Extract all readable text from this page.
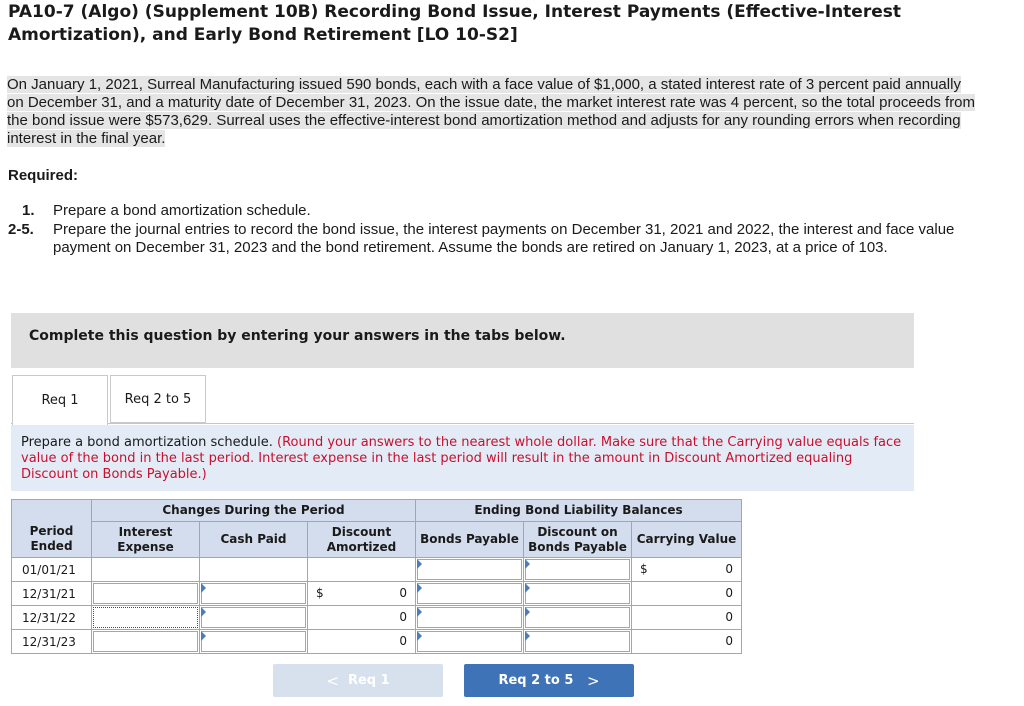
PA10-7 (Algo) (Supplement 10B) Recording Bond Issue, Interest Payments (Effective-Interest Amortization), and Early Bond Retirement [LO 10-S2]
On January 1, 2021, Surreal Manufacturing issued 590 bonds, each with a face value of $1,000, a stated interest rate of 3 percent paid annually on December 31, and a maturity date of December 31, 2023. On the issue date, the market interest rate was 4 percent, so the total proceeds from the bond issue were $573,629. Surreal uses the effective-interest bond amortization method and adjusts for any rounding errors when recording interest in the final year.
Required:
1. Prepare a bond amortization schedule.
2-5. Prepare the journal entries to record the bond issue, the interest payments on December 31, 2021 and 2022, the interest and face value payment on December 31, 2023 and the bond retirement. Assume the bonds are retired on January 1, 2023, at a price of 103.
Complete this question by entering your answers in the tabs below.
Req 1	Req 2 to 5
Prepare a bond amortization schedule. (Round your answers to the nearest whole dollar. Make sure that the Carrying value equals face value of the bond in the last period. Interest expense in the last period will result in the amount in Discount Amortized equaling Discount on Bonds Payable.)
	Changes During the Period			Ending Bond Liability Balances		
Period Ended	Interest Expense	Cash Paid	Discount Amortized	Bonds Payable	Discount on Bonds Payable	Carrying Value
01/01/21						$ 0

12/31/21			$ 0			0

12/31/22			0			0

12/31/23			0			0
<
Req 1	Req 2 to 5
>
